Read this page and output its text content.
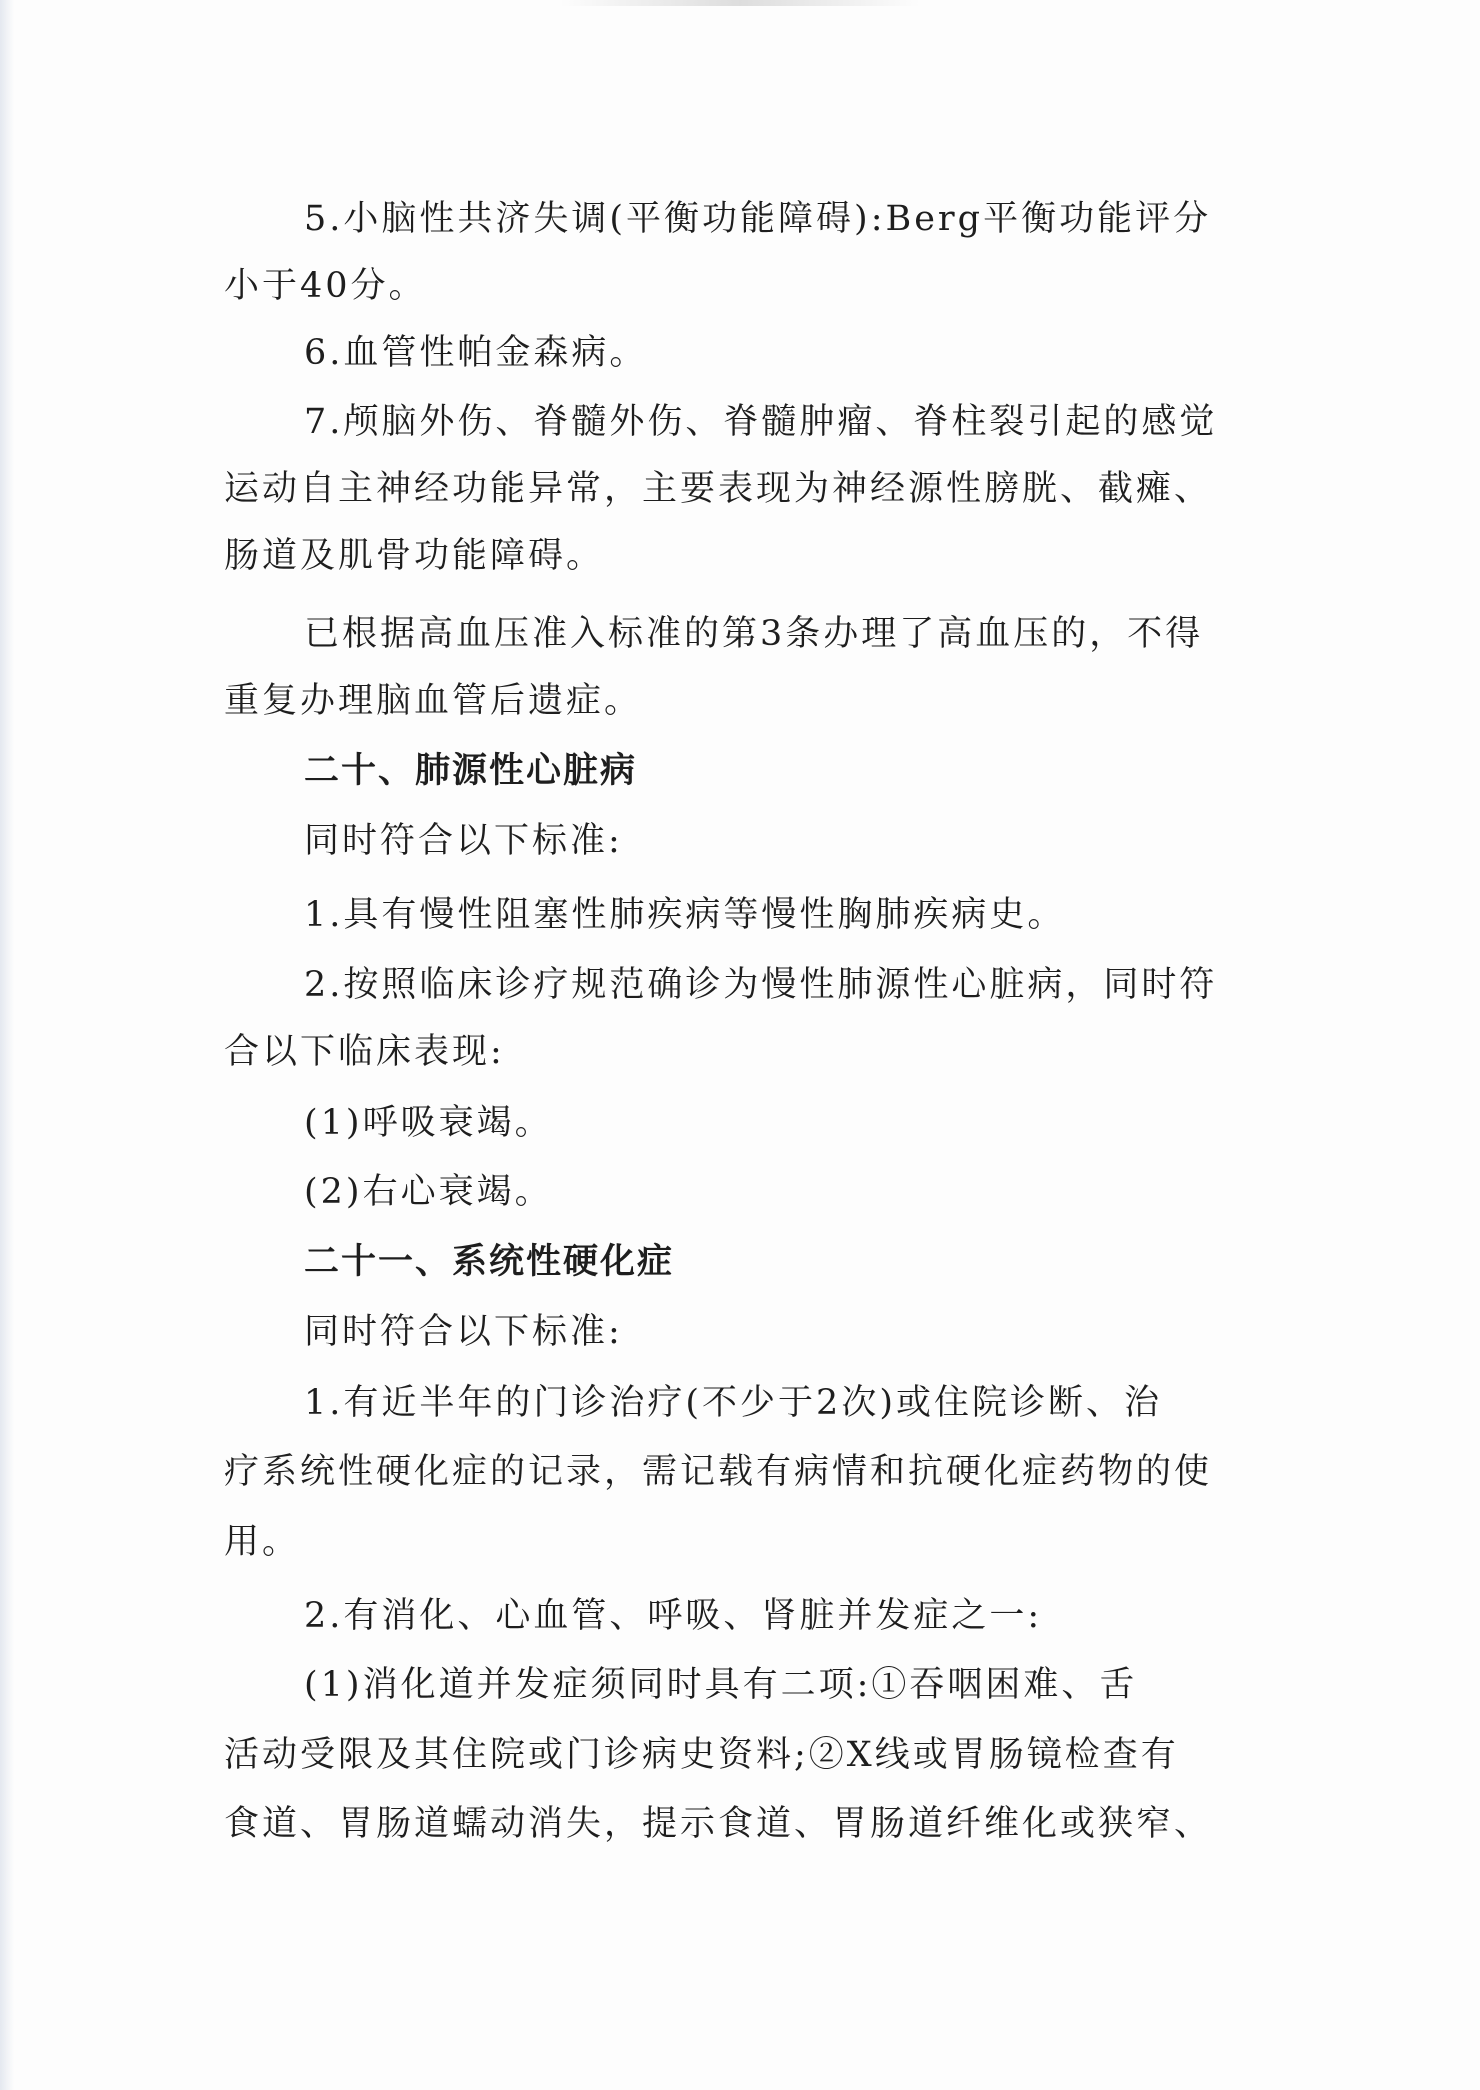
5.小脑性共济失调(平衡功能障碍):Berg平衡功能评分
小于40分。
6.血管性帕金森病。
7.颅脑外伤、脊髓外伤、脊髓肿瘤、脊柱裂引起的感觉
运动自主神经功能异常，主要表现为神经源性膀胱、截瘫、
肠道及肌骨功能障碍。
已根据高血压准入标准的第3条办理了高血压的，不得
重复办理脑血管后遗症。
二十、肺源性心脏病
同时符合以下标准:
1.具有慢性阻塞性肺疾病等慢性胸肺疾病史。
2.按照临床诊疗规范确诊为慢性肺源性心脏病，同时符
合以下临床表现:
(1)呼吸衰竭。
(2)右心衰竭。
二十一、系统性硬化症
同时符合以下标准:
1.有近半年的门诊治疗(不少于2次)或住院诊断、治
疗系统性硬化症的记录，需记载有病情和抗硬化症药物的使
用。
2.有消化、心血管、呼吸、肾脏并发症之一:
(1)消化道并发症须同时具有二项:①吞咽困难、舌
活动受限及其住院或门诊病史资料;②X线或胃肠镜检查有
食道、胃肠道蠕动消失，提示食道、胃肠道纤维化或狭窄、
